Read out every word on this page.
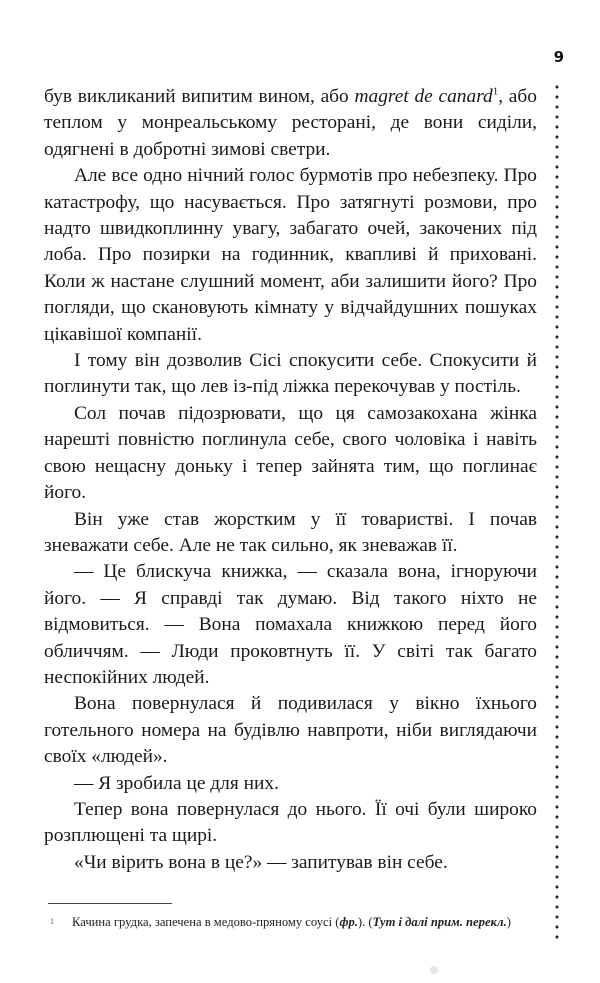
9

був викликаний випитим вином, або magret de canard$^1$, або теплом у монреальському ресторані, де вони сиділи, одягнені в добротні зимові светри.

Але все одно нічний голос бурмотів про небезпеку. Про катастрофу, що насувається. Про затягнуті розмови, про надто швидкоплинну увагу, забагато очей, закочених під лоба. Про позирки на годинник, квапливі й приховані. Коли ж настане слушний момент, аби залишити його? Про погляди, що скановують кімнату у відчайдушних пошуках цікавішої компанії.

І тому він дозволив Сісі спокусити себе. Спокусити й поглинути так, що лев із-під ліжка перекочував у постіль.

Сол почав підозрювати, що ця самозакохана жінка нарешті повністю поглинула себе, свого чоловіка і навіть свою нещасну доньку і тепер зайнята тим, що поглинає його.

Він уже став жорстким у її товаристві. І почав зневажати себе. Але не так сильно, як зневажав її.

— Це блискуча книжка, — сказала вона, ігноруючи його. — Я справді так думаю. Від такого ніхто не відмовиться. — Вона помахала книжкою перед його обличчям. — Люди проковтнуть її. У світі так багато неспокійних людей.

Вона повернулася й подивилася у вікно їхнього готельного номера на будівлю навпроти, ніби виглядаючи своїх «людей».

— Я зробила це для них.

Тепер вона повернулася до нього. Її очі були широко розплющені та щирі.

«Чи вірить вона в це?» — запитував він себе.

1 Качина грудка, запечена в медово-пряному соусі (фр.). (Тут і далі прим. перекл.)
